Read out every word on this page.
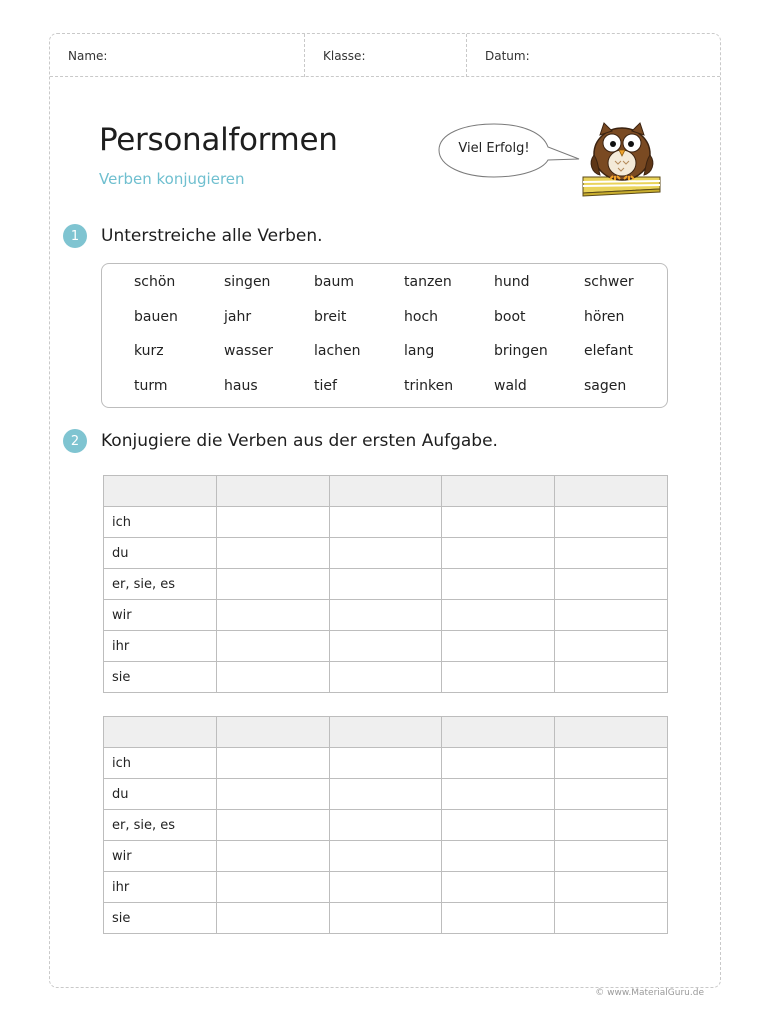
Name:	Klasse:	Datum:
Personalformen
Verben konjugieren
Viel Erfolg!
1	Unterstreiche alle Verben.
schön	singen	baum	tanzen	hund	schwer
bauen	jahr	breit	hoch	boot	hören
kurz	wasser	lachen	lang	bringen	elefant
turm	haus	tief	trinken	wald	sagen
2	Konjugiere die Verben aus der ersten Aufgabe.

ich				
du				
er, sie, es				
wir				
ihr				
sie				

ich				
du				
er, sie, es				
wir				
ihr				
sie				
© www.MaterialGuru.de
